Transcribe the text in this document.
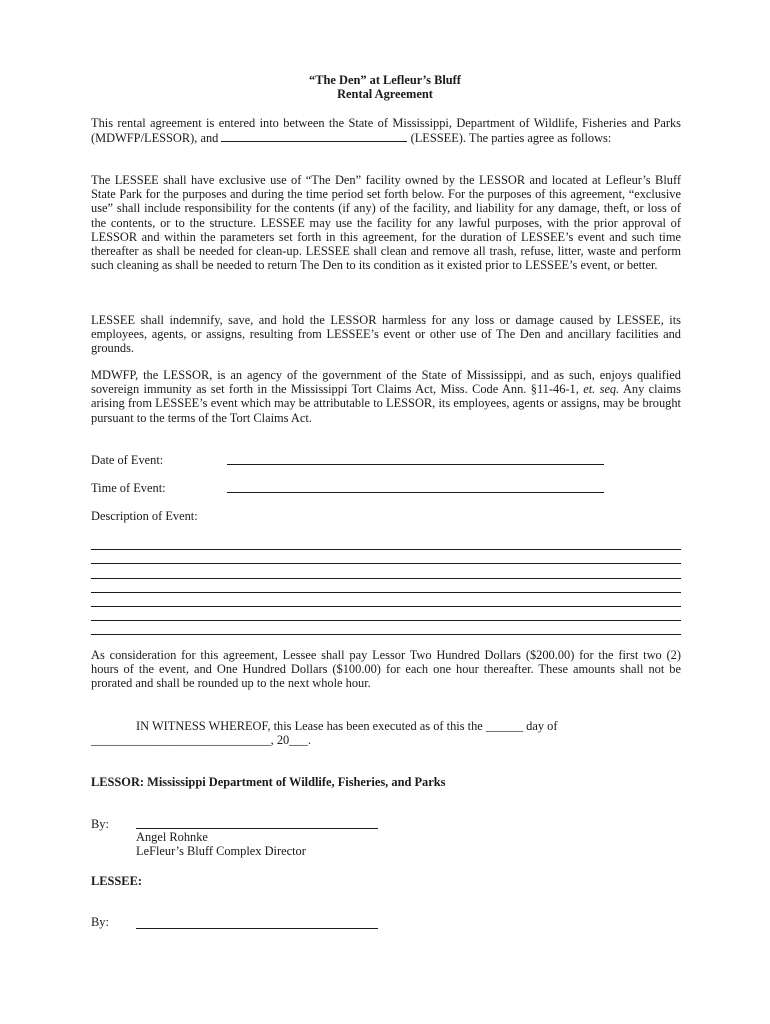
“The Den” at Lefleur’s Bluff
Rental Agreement

This rental agreement is entered into between the State of Mississippi, Department of Wildlife, Fisheries and Parks (MDWFP/LESSOR), and	(LESSEE). The parties agree as follows:

The LESSEE shall have exclusive use of “The Den” facility owned by the LESSOR and located at Lefleur’s Bluff State Park for the purposes and during the time period set forth below. For the purposes of this agreement, “exclusive use” shall include responsibility for the contents (if any) of the facility, and liability for any damage, theft, or loss of the contents, or to the structure. LESSEE may use the facility for any lawful purposes, with the prior approval of LESSOR and within the parameters set forth in this agreement, for the duration of LESSEE’s event and such time thereafter as shall be needed for clean-up. LESSEE shall clean and remove all trash, refuse, litter, waste and perform such cleaning as shall be needed to return The Den to its condition as it existed prior to LESSEE’s event, or better.

LESSEE shall indemnify, save, and hold the LESSOR harmless for any loss or damage caused by LESSEE, its employees, agents, or assigns, resulting from LESSEE’s event or other use of The Den and ancillary facilities and grounds.

MDWFP, the LESSOR, is an agency of the government of the State of Mississippi, and as such, enjoys qualified sovereign immunity as set forth in the Mississippi Tort Claims Act, Miss. Code Ann. §11-46-1, et. seq. Any claims arising from LESSEE’s event which may be attributable to LESSOR, its employees, agents or assigns, may be brought pursuant to the terms of the Tort Claims Act.

Date of Event:
Time of Event:
Description of Event:

As consideration for this agreement, Lessee shall pay Lessor Two Hundred Dollars ($200.00) for the first two (2) hours of the event, and One Hundred Dollars ($100.00) for each one hour thereafter. These amounts shall not be prorated and shall be rounded up to the next whole hour.

IN WITNESS WHEREOF, this Lease has been executed as of this the ______ day of
_____________________________, 20___.
LESSOR: Mississippi Department of Wildlife, Fisheries, and Parks
By:
Angel Rohnke
LeFleur’s Bluff Complex Director
LESSEE:
By:
